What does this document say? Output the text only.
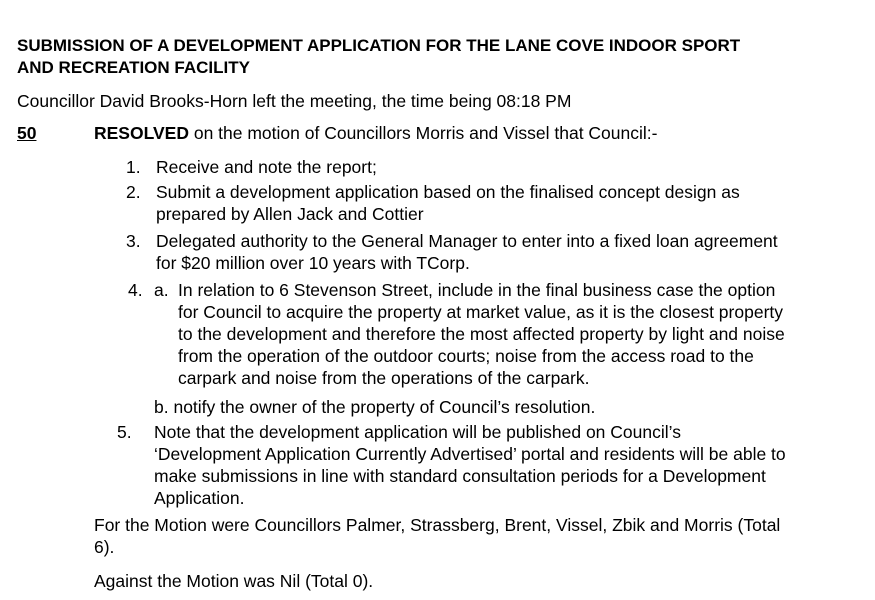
SUBMISSION OF A DEVELOPMENT APPLICATION FOR THE LANE COVE INDOOR SPORT
AND RECREATION FACILITY
Councillor David Brooks-Horn left the meeting, the time being 08:18 PM
50	RESOLVED on the motion of Councillors Morris and Vissel that Council:-
1. Receive and note the report;
2. Submit a development application based on the finalised concept design as
prepared by Allen Jack and Cottier
3. Delegated authority to the General Manager to enter into a fixed loan agreement
for $20 million over 10 years with TCorp.
4. a. In relation to 6 Stevenson Street, include in the final business case the option
for Council to acquire the property at market value, as it is the closest property
to the development and therefore the most affected property by light and noise
from the operation of the outdoor courts; noise from the access road to the
carpark and noise from the operations of the carpark.
b. notify the owner of the property of Council’s resolution.
5. Note that the development application will be published on Council’s
‘Development Application Currently Advertised’ portal and residents will be able to
make submissions in line with standard consultation periods for a Development
Application.
For the Motion were Councillors Palmer, Strassberg, Brent, Vissel, Zbik and Morris (Total
6).
Against the Motion was Nil (Total 0).
